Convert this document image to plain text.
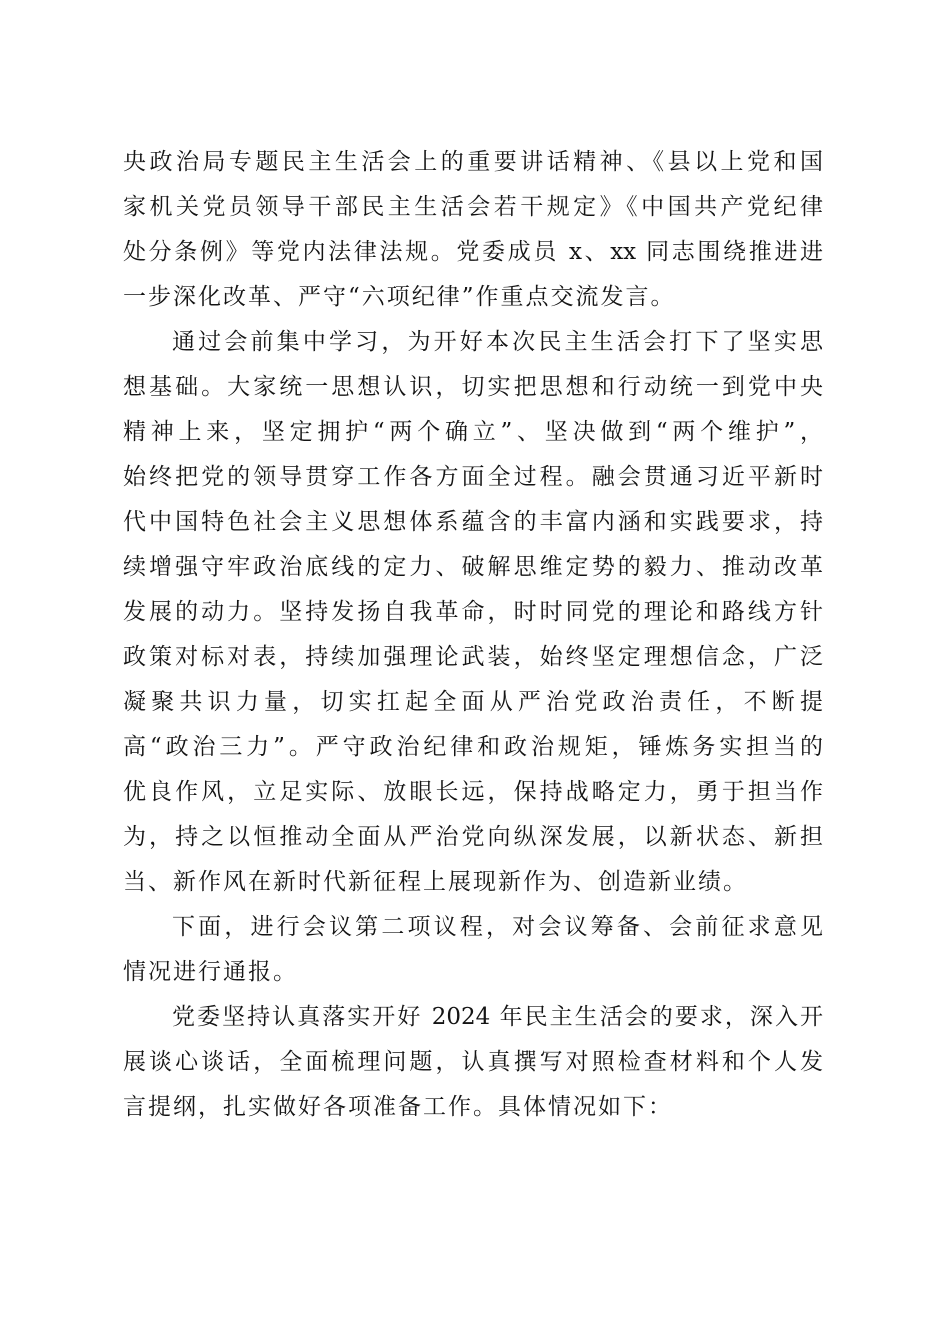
央政治局专题民主生活会上的重要讲话精神、《县以上党和国
家机关党员领导干部民主生活会若干规定》《中国共产党纪律
处分条例》等党内法律法规。党委成员 x、xx 同志围绕推进进
一步深化改革、严守“六项纪律”作重点交流发言。
通过会前集中学习，为开好本次民主生活会打下了坚实思
想基础。大家统一思想认识，切实把思想和行动统一到党中央
精神上来，坚定拥护“两个确立”、坚决做到“两个维护”，
始终把党的领导贯穿工作各方面全过程。融会贯通习近平新时
代中国特色社会主义思想体系蕴含的丰富内涵和实践要求，持
续增强守牢政治底线的定力、破解思维定势的毅力、推动改革
发展的动力。坚持发扬自我革命，时时同党的理论和路线方针
政策对标对表，持续加强理论武装，始终坚定理想信念，广泛
凝聚共识力量，切实扛起全面从严治党政治责任，不断提
高“政治三力”。严守政治纪律和政治规矩，锤炼务实担当的
优良作风，立足实际、放眼长远，保持战略定力，勇于担当作
为，持之以恒推动全面从严治党向纵深发展，以新状态、新担
当、新作风在新时代新征程上展现新作为、创造新业绩。
下面，进行会议第二项议程，对会议筹备、会前征求意见
情况进行通报。
党委坚持认真落实开好 2024 年民主生活会的要求，深入开
展谈心谈话，全面梳理问题，认真撰写对照检查材料和个人发
言提纲，扎实做好各项准备工作。具体情况如下：
